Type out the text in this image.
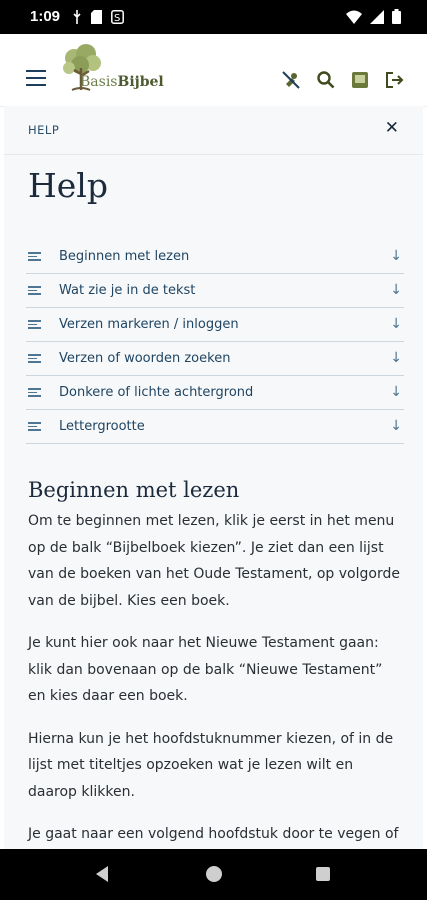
1:09	S
BasisBijbel
HELP	✕
Help
Beginnen met lezen	↓
Wat zie je in de tekst	↓
Verzen markeren / inloggen	↓
Verzen of woorden zoeken	↓
Donkere of lichte achtergrond	↓
Lettergrootte	↓
Beginnen met lezen

Om te beginnen met lezen, klik je eerst in het menu op de balk “Bijbelboek kiezen”. Je ziet dan een lijst van de boeken van het Oude Testament, op volgorde van de bijbel. Kies een boek.

Je kunt hier ook naar het Nieuwe Testament gaan: klik dan bovenaan op de balk “Nieuwe Testament” en kies daar een boek.

Hierna kun je het hoofdstuknummer kiezen, of in de lijst met titeltjes opzoeken wat je lezen wilt en daarop klikken.

Je gaat naar een volgend hoofdstuk door te vegen of
